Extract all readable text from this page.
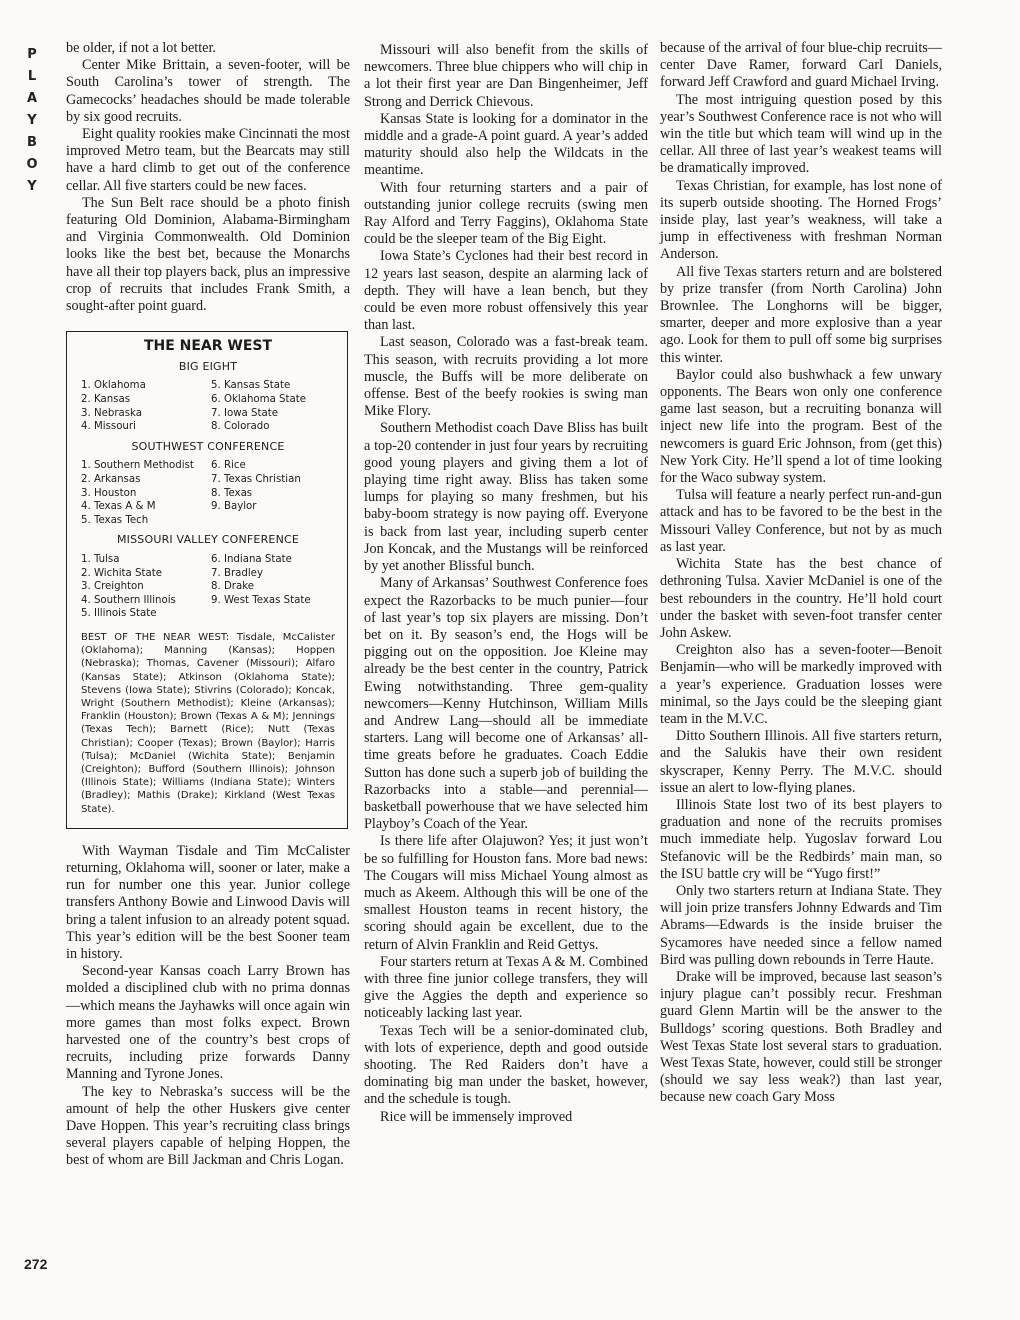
P
L
A
Y
B
O
Y
272

be older, if not a lot better.

Center Mike Brittain, a seven-footer, will be South Carolina’s tower of strength. The Gamecocks’ headaches should be made tolerable by six good recruits.

Eight quality rookies make Cincinnati the most improved Metro team, but the Bearcats may still have a hard climb to get out of the conference cellar. All five starters could be new faces.

The Sun Belt race should be a photo finish featuring Old Dominion, Alabama-Birmingham and Virginia Commonwealth. Old Dominion looks like the best bet, because the Monarchs have all their top players back, plus an impressive crop of recruits that includes Frank Smith, a sought-after point guard.

THE NEAR WEST
BIG EIGHT
1. Oklahoma	5. Kansas State
2. Kansas	6. Oklahoma State
3. Nebraska	7. Iowa State
4. Missouri	8. Colorado
SOUTHWEST CONFERENCE
1. Southern Methodist	6. Rice
2. Arkansas	7. Texas Christian
3. Houston	8. Texas
4. Texas A & M	9. Baylor
5. Texas Tech
MISSOURI VALLEY CONFERENCE
1. Tulsa	6. Indiana State
2. Wichita State	7. Bradley
3. Creighton	8. Drake
4. Southern Illinois	9. West Texas State
5. Illinois State
BEST OF THE NEAR WEST: Tisdale, McCalister (Oklahoma); Manning (Kansas); Hoppen (Nebraska); Thomas, Cavener (Missouri); Alfaro (Kansas State); Atkinson (Oklahoma State); Stevens (Iowa State); Stivrins (Colorado); Koncak, Wright (Southern Methodist); Kleine (Arkansas); Franklin (Houston); Brown (Texas A & M); Jennings (Texas Tech); Barnett (Rice); Nutt (Texas Christian); Cooper (Texas); Brown (Baylor); Harris (Tulsa); McDaniel (Wichita State); Benjamin (Creighton); Bufford (Southern Illinois); Johnson (Illinois State); Williams (Indiana State); Winters (Bradley); Mathis (Drake); Kirkland (West Texas State).

With Wayman Tisdale and Tim McCalister returning, Oklahoma will, sooner or later, make a run for number one this year. Junior college transfers Anthony Bowie and Linwood Davis will bring a talent infusion to an already potent squad. This year’s edition will be the best Sooner team in history.

Second-year Kansas coach Larry Brown has molded a disciplined club with no prima donnas—which means the Jayhawks will once again win more games than most folks expect. Brown harvested one of the country’s best crops of recruits, including prize forwards Danny Manning and Tyrone Jones.

The key to Nebraska’s success will be the amount of help the other Huskers give center Dave Hoppen. This year’s recruiting class brings several players capable of helping Hoppen, the best of whom are Bill Jackman and Chris Logan.

Missouri will also benefit from the skills of newcomers. Three blue chippers who will chip in a lot their first year are Dan Bingenheimer, Jeff Strong and Derrick Chievous.

Kansas State is looking for a dominator in the middle and a grade-A point guard. A year’s added maturity should also help the Wildcats in the meantime.

With four returning starters and a pair of outstanding junior college recruits (swing men Ray Alford and Terry Faggins), Oklahoma State could be the sleeper team of the Big Eight.

Iowa State’s Cyclones had their best record in 12 years last season, despite an alarming lack of depth. They will have a lean bench, but they could be even more robust offensively this year than last.

Last season, Colorado was a fast-break team. This season, with recruits providing a lot more muscle, the Buffs will be more deliberate on offense. Best of the beefy rookies is swing man Mike Flory.

Southern Methodist coach Dave Bliss has built a top-20 contender in just four years by recruiting good young players and giving them a lot of playing time right away. Bliss has taken some lumps for playing so many freshmen, but his baby-boom strategy is now paying off. Everyone is back from last year, including superb center Jon Koncak, and the Mustangs will be reinforced by yet another Blissful bunch.

Many of Arkansas’ Southwest Conference foes expect the Razorbacks to be much punier—four of last year’s top six players are missing. Don’t bet on it. By season’s end, the Hogs will be pigging out on the opposition. Joe Kleine may already be the best center in the country, Patrick Ewing notwithstanding. Three gem-quality newcomers—Kenny Hutchinson, William Mills and Andrew Lang—should all be immediate starters. Lang will become one of Arkansas’ all-time greats before he graduates. Coach Eddie Sutton has done such a superb job of building the Razorbacks into a stable—and perennial—basketball powerhouse that we have selected him Playboy’s Coach of the Year.

Is there life after Olajuwon? Yes; it just won’t be so fulfilling for Houston fans. More bad news: The Cougars will miss Michael Young almost as much as Akeem. Although this will be one of the smallest Houston teams in recent history, the scoring should again be excellent, due to the return of Alvin Franklin and Reid Gettys.

Four starters return at Texas A & M. Combined with three fine junior college transfers, they will give the Aggies the depth and experience so noticeably lacking last year.

Texas Tech will be a senior-dominated club, with lots of experience, depth and good outside shooting. The Red Raiders don’t have a dominating big man under the basket, however, and the schedule is tough.

Rice will be immensely improved

because of the arrival of four blue-chip recruits—center Dave Ramer, forward Carl Daniels, forward Jeff Crawford and guard Michael Irving.

The most intriguing question posed by this year’s Southwest Conference race is not who will win the title but which team will wind up in the cellar. All three of last year’s weakest teams will be dramatically improved.

Texas Christian, for example, has lost none of its superb outside shooting. The Horned Frogs’ inside play, last year’s weakness, will take a jump in effectiveness with freshman Norman Anderson.

All five Texas starters return and are bolstered by prize transfer (from North Carolina) John Brownlee. The Longhorns will be bigger, smarter, deeper and more explosive than a year ago. Look for them to pull off some big surprises this winter.

Baylor could also bushwhack a few unwary opponents. The Bears won only one conference game last season, but a recruiting bonanza will inject new life into the program. Best of the newcomers is guard Eric Johnson, from (get this) New York City. He’ll spend a lot of time looking for the Waco subway system.

Tulsa will feature a nearly perfect run-and-gun attack and has to be favored to be the best in the Missouri Valley Conference, but not by as much as last year.

Wichita State has the best chance of dethroning Tulsa. Xavier McDaniel is one of the best rebounders in the country. He’ll hold court under the basket with seven-foot transfer center John Askew.

Creighton also has a seven-footer—Benoit Benjamin—who will be markedly improved with a year’s experience. Graduation losses were minimal, so the Jays could be the sleeping giant team in the M.V.C.

Ditto Southern Illinois. All five starters return, and the Salukis have their own resident skyscraper, Kenny Perry. The M.V.C. should issue an alert to low-flying planes.

Illinois State lost two of its best players to graduation and none of the recruits promises much immediate help. Yugoslav forward Lou Stefanovic will be the Redbirds’ main man, so the ISU battle cry will be “Yugo first!”

Only two starters return at Indiana State. They will join prize transfers Johnny Edwards and Tim Abrams—Edwards is the inside bruiser the Sycamores have needed since a fellow named Bird was pulling down rebounds in Terre Haute.

Drake will be improved, because last season’s injury plague can’t possibly recur. Freshman guard Glenn Martin will be the answer to the Bulldogs’ scoring questions. Both Bradley and West Texas State lost several stars to graduation. West Texas State, however, could still be stronger (should we say less weak?) than last year, because new coach Gary Moss
